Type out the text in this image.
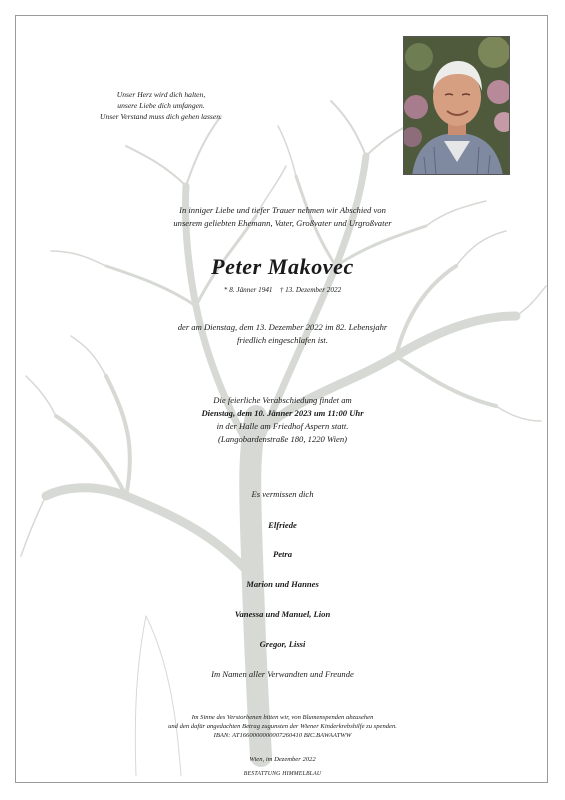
Unser Herz wird dich halten,
unsere Liebe dich umfangen.
Unser Verstand muss dich gehen lassen.
In inniger Liebe und tiefer Trauer nehmen wir Abschied von
unserem geliebten Ehemann, Vater, Großvater und Urgroßvater
Peter Makovec
* 8. Jänner 1941    † 13. Dezember 2022
der am Dienstag, dem 13. Dezember 2022 im 82. Lebensjahr
friedlich eingeschlafen ist.
Die feierliche Verabschiedung findet am
Dienstag, dem 10. Jänner 2023 um 11:00 Uhr
in der Halle am Friedhof Aspern statt.
(Langobardenstraße 180, 1220 Wien)
Es vermissen dich
Elfriede
Petra
Marion und Hannes
Vanessa und Manuel, Lion
Gregor, Lissi
Im Namen aller Verwandten und Freunde
Im Sinne des Verstorbenen bitten wir, von Blumenspenden abzusehen
und den dafür angedachten Betrag zugunsten der Wiener Kinderkrebshilfe zu spenden.
IBAN: AT1660000000007260410 BIC.BAWAATWW
Wien, im Dezember 2022
BESTATTUNG HIMMELBLAU
